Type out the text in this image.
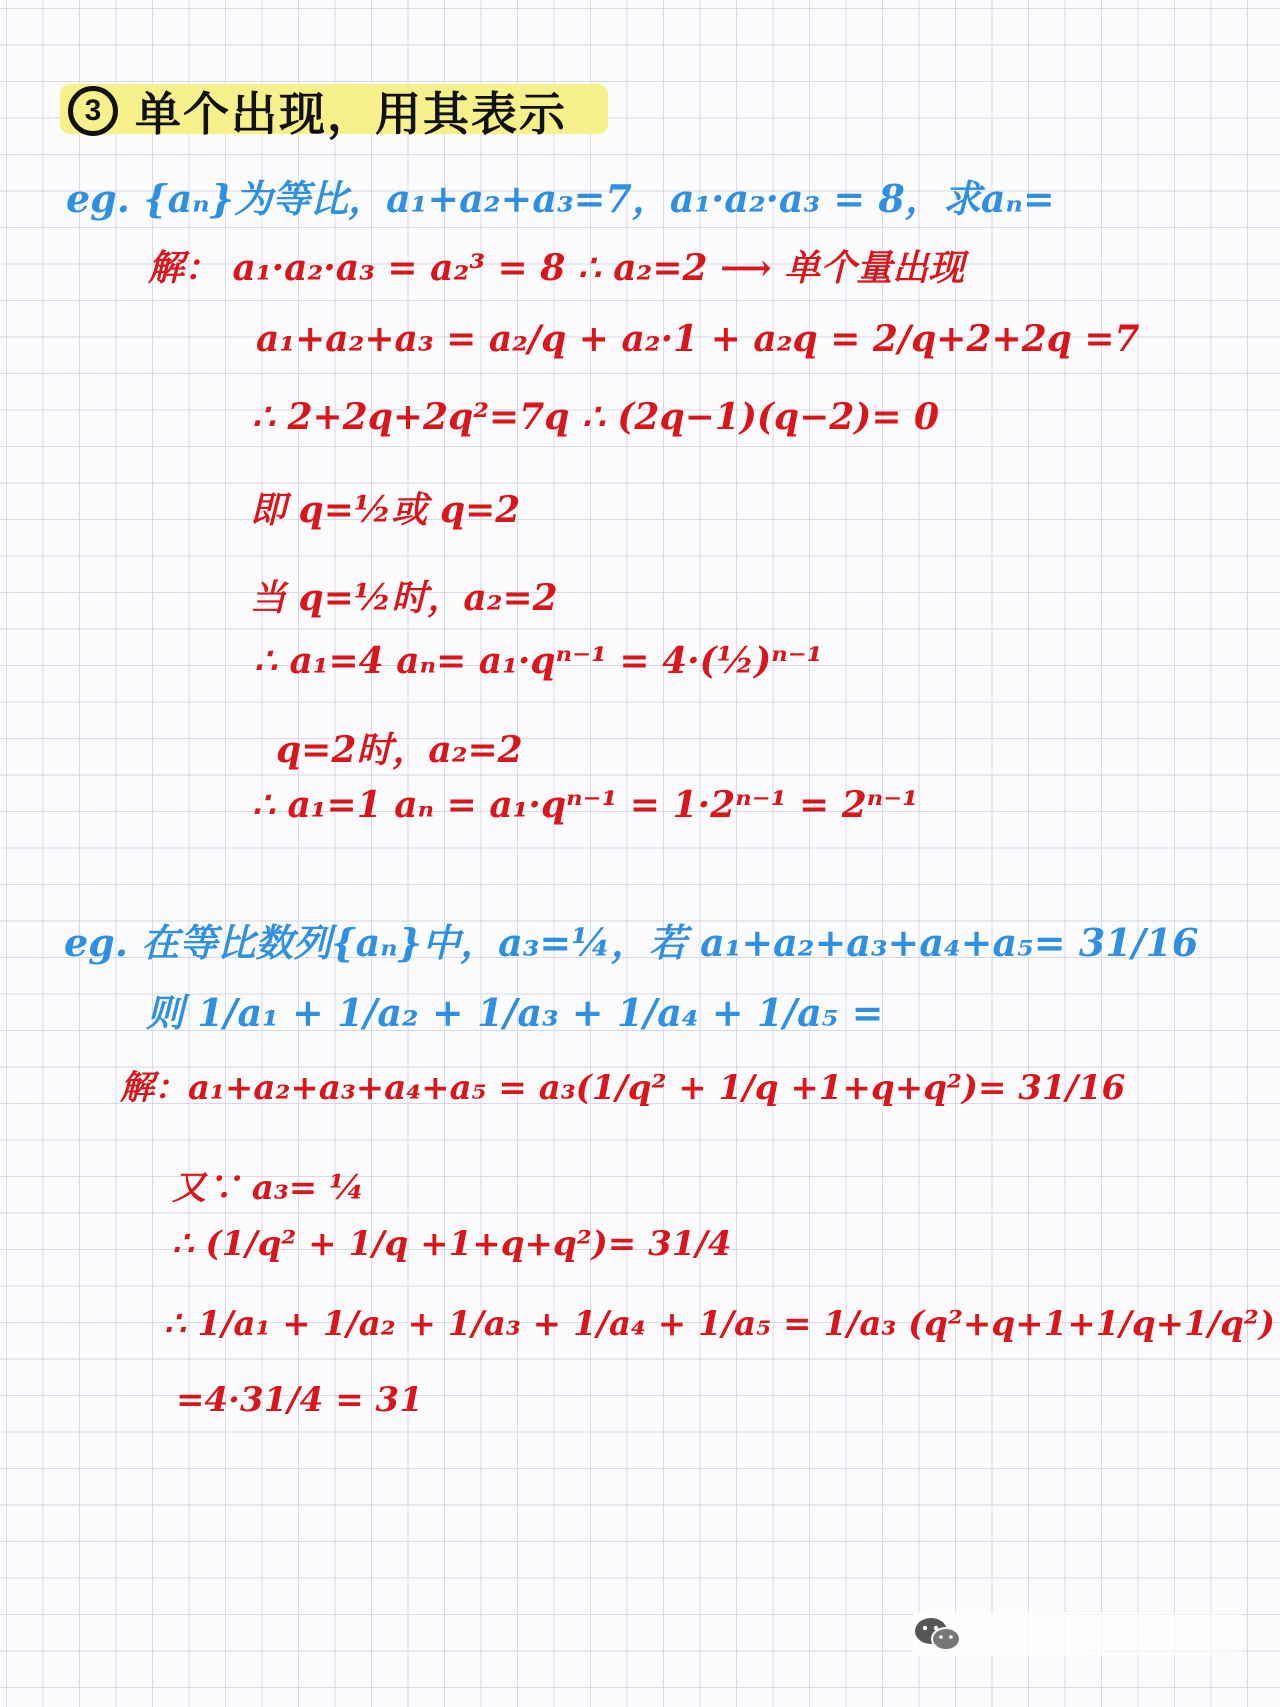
3 单个出现，用其表示
eg. {aₙ}为等比，a₁+a₂+a₃=7，a₁·a₂·a₃ = 8，求aₙ=
解： a₁·a₂·a₃ = a₂³ = 8 ∴ a₂=2 ⟶ 单个量出现
a₁+a₂+a₃ = a₂/q + a₂·1 + a₂q = 2/q+2+2q =7
∴ 2+2q+2q²=7q ∴ (2q−1)(q−2)= 0
即 q=½或 q=2
当 q=½时，a₂=2
∴ a₁=4 aₙ= a₁·qⁿ⁻¹ = 4·(½)ⁿ⁻¹
q=2时，a₂=2
∴ a₁=1 aₙ = a₁·qⁿ⁻¹ = 1·2ⁿ⁻¹ = 2ⁿ⁻¹
eg. 在等比数列{aₙ}中，a₃=¼，若 a₁+a₂+a₃+a₄+a₅= 31/16
则 1/a₁ + 1/a₂ + 1/a₃ + 1/a₄ + 1/a₅ =
解：a₁+a₂+a₃+a₄+a₅ = a₃(1/q² + 1/q +1+q+q²)= 31/16
又∵ a₃= ¼
∴ (1/q² + 1/q +1+q+q²)= 31/4
∴ 1/a₁ + 1/a₂ + 1/a₃ + 1/a₄ + 1/a₅ = 1/a₃ (q²+q+1+1/q+1/q²)
=4·31/4 = 31
